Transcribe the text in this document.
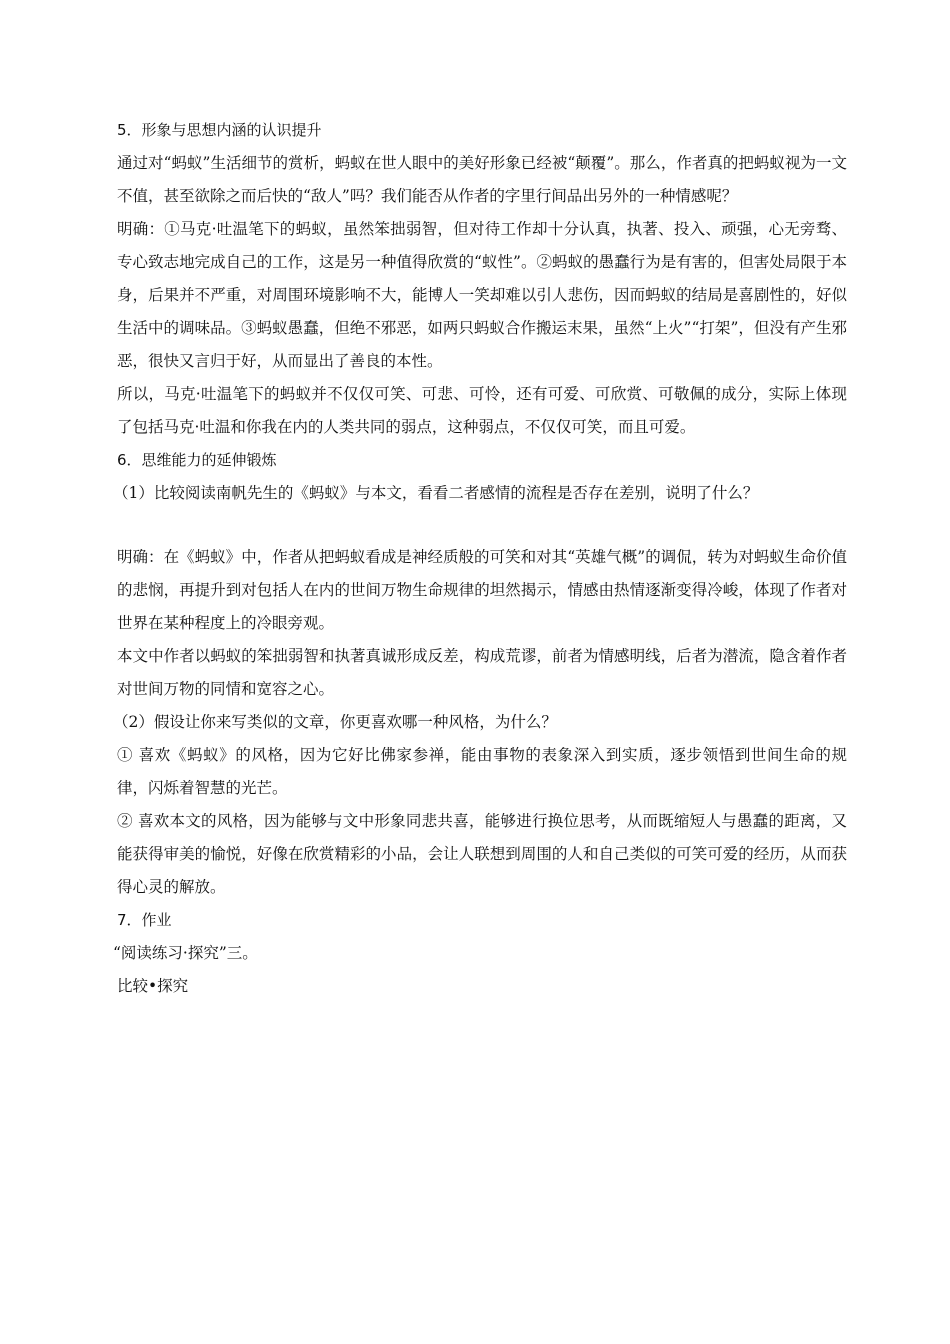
5．形象与思想内涵的认识提升

通过对“蚂蚁”生活细节的赏析，蚂蚁在世人眼中的美好形象已经被“颠覆”。那么，作者真的把蚂蚁视为一文不值，甚至欲除之而后快的“敌人”吗？我们能否从作者的字里行间品出另外的一种情感呢？

明确：①马克·吐温笔下的蚂蚁，虽然笨拙弱智，但对待工作却十分认真，执著、投入、顽强，心无旁骛、专心致志地完成自己的工作，这是另一种值得欣赏的“蚁性”。②蚂蚁的愚蠢行为是有害的，但害处局限于本身，后果并不严重，对周围环境影响不大，能博人一笑却难以引人悲伤，因而蚂蚁的结局是喜剧性的，好似生活中的调味品。③蚂蚁愚蠢，但绝不邪恶，如两只蚂蚁合作搬运末果，虽然“上火”“打架”，但没有产生邪恶，很快又言归于好，从而显出了善良的本性。

所以，马克·吐温笔下的蚂蚁并不仅仅可笑、可悲、可怜，还有可爱、可欣赏、可敬佩的成分，实际上体现了包括马克·吐温和你我在内的人类共同的弱点，这种弱点，不仅仅可笑，而且可爱。

6．思维能力的延伸锻炼

（1）比较阅读南帆先生的《蚂蚁》与本文，看看二者感情的流程是否存在差别，说明了什么？

明确：在《蚂蚁》中，作者从把蚂蚁看成是神经质般的可笑和对其“英雄气概”的调侃，转为对蚂蚁生命价值的悲悯，再提升到对包括人在内的世间万物生命规律的坦然揭示，情感由热情逐渐变得冷峻，体现了作者对世界在某种程度上的冷眼旁观。

本文中作者以蚂蚁的笨拙弱智和执著真诚形成反差，构成荒谬，前者为情感明线，后者为潜流，隐含着作者对世间万物的同情和宽容之心。

（2）假设让你来写类似的文章，你更喜欢哪一种风格，为什么？

① 喜欢《蚂蚁》的风格，因为它好比佛家参禅，能由事物的表象深入到实质，逐步领悟到世间生命的规律，闪烁着智慧的光芒。

② 喜欢本文的风格，因为能够与文中形象同悲共喜，能够进行换位思考，从而既缩短人与愚蠢的距离，又能获得审美的愉悦，好像在欣赏精彩的小品，会让人联想到周围的人和自己类似的可笑可爱的经历，从而获得心灵的解放。

7．作业

“阅读练习·探究”三。

比较•探究
